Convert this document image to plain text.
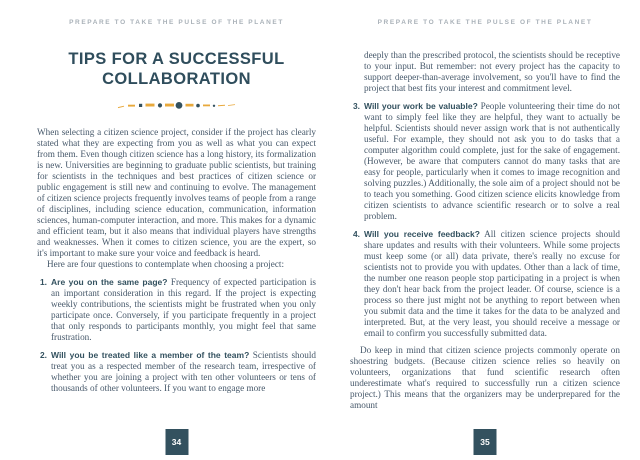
PREPARE TO TAKE THE PULSE OF THE PLANET
TIPS FOR A SUCCESSFUL
COLLABORATION

When selecting a citizen science project, consider if the project has clearly stated what they are expecting from you as well as what you can expect from them. Even though citizen science has a long history, its formalization is new. Universities are beginning to graduate public scientists, but training for scientists in the techniques and best practices of citizen science or public engagement is still new and continuing to evolve. The management of citizen science projects frequently involves teams of people from a range of disciplines, including science education, communication, information sciences, human-computer interaction, and more. This makes for a dynamic and efficient team, but it also means that individual players have strengths and weaknesses. When it comes to citizen science, you are the expert, so it's important to make sure your voice and feedback is heard.

Here are four questions to contemplate when choosing a project:

1. Are you on the same page? Frequency of expected participation is an important consideration in this regard. If the project is expecting weekly contributions, the scientists might be frustrated when you only participate once. Conversely, if you participate frequently in a project that only responds to participants monthly, you might feel that same frustration.
2. Will you be treated like a member of the team? Scientists should treat you as a respected member of the research team, irrespective of whether you are joining a project with ten other volunteers or tens of thousands of other volunteers. If you want to engage more
34
PREPARE TO TAKE THE PULSE OF THE PLANET

deeply than the prescribed protocol, the scientists should be receptive to your input. But remember: not every project has the capacity to support deeper-than-average involvement, so you'll have to find the project that best fits your interest and commitment level.

3. Will your work be valuable? People volunteering their time do not want to simply feel like they are helpful, they want to actually be helpful. Scientists should never assign work that is not authentically useful. For example, they should not ask you to do tasks that a computer algorithm could complete, just for the sake of engagement. (However, be aware that computers cannot do many tasks that are easy for people, particularly when it comes to image recognition and solving puzzles.) Additionally, the sole aim of a project should not be to teach you something. Good citizen science elicits knowledge from citizen scientists to advance scientific research or to solve a real problem.
4. Will you receive feedback? All citizen science projects should share updates and results with their volunteers. While some projects must keep some (or all) data private, there's really no excuse for scientists not to provide you with updates. Other than a lack of time, the number one reason people stop participating in a project is when they don't hear back from the project leader. Of course, science is a process so there just might not be anything to report between when you submit data and the time it takes for the data to be analyzed and interpreted. But, at the very least, you should receive a message or email to confirm you successfully submitted data.

Do keep in mind that citizen science projects commonly operate on shoestring budgets. (Because citizen science relies so heavily on volunteers, organizations that fund scientific research often underestimate what's required to successfully run a citizen science project.) This means that the organizers may be underprepared for the amount

35
